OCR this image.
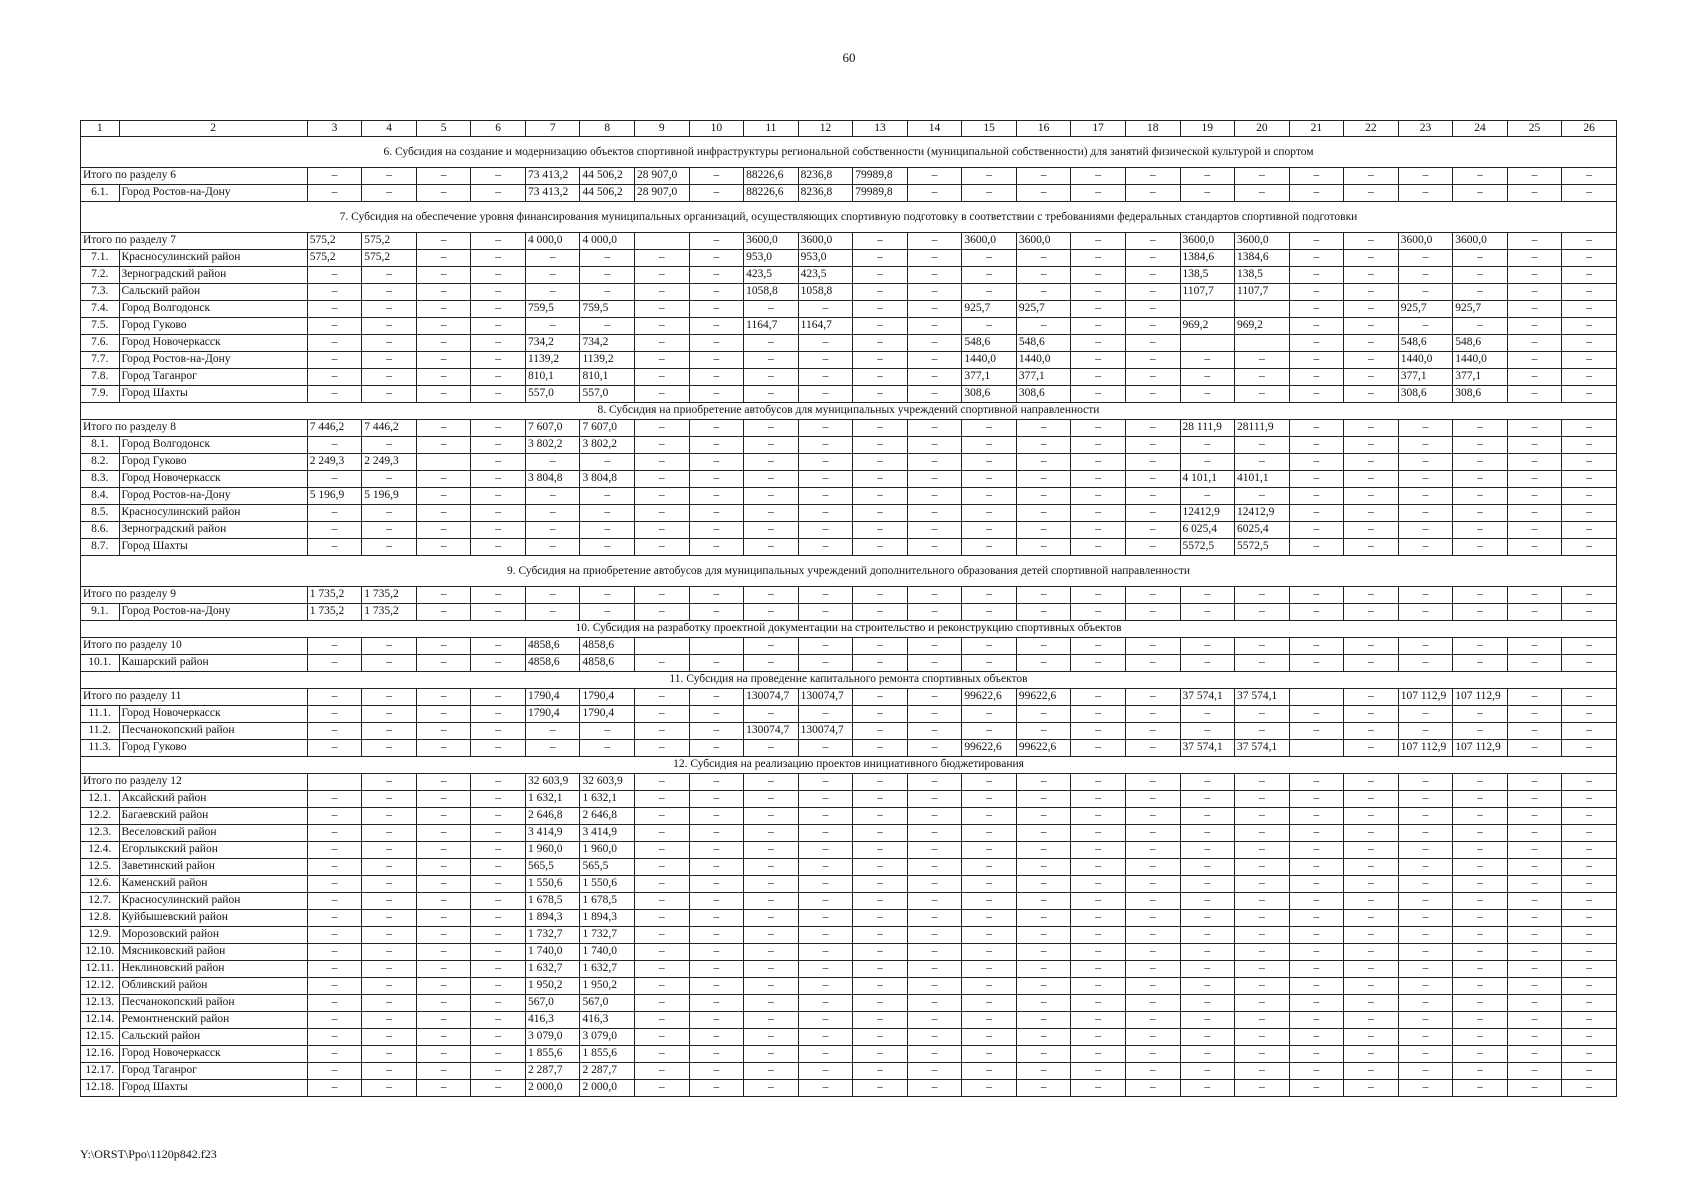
60
1	2	3	4	5	6	7	8	9	10	11	12	13	14	15	16	17	18	19	20	21	22	23	24	25	26
6. Субсидия на создание и модернизацию объектов спортивной инфраструктуры региональной собственности (муниципальной собственности) для занятий физической культурой и спортом																									
Итого по разделу 6		–	–	–	–	73 413,2	44 506,2	28 907,0	–	88226,6	8236,8	79989,8	–	–	–	–	–	–	–	–	–	–	–	–	–
6.1.	Город Ростов-на-Дону	–	–	–	–	73 413,2	44 506,2	28 907,0	–	88226,6	8236,8	79989,8	–	–	–	–	–	–	–	–	–	–	–	–	–
7. Субсидия на обеспечение уровня финансирования муниципальных организаций, осуществляющих спортивную подготовку в соответствии с требованиями федеральных стандартов спортивной подготовки																									
Итого по разделу 7		575,2	575,2	–	–	4 000,0	4 000,0		–	3600,0	3600,0	–	–	3600,0	3600,0	–	–	3600,0	3600,0	–	–	3600,0	3600,0	–	–
7.1.	Красносулинский район	575,2	575,2	–	–	–	–	–	–	953,0	953,0	–	–	–	–	–	–	1384,6	1384,6	–	–	–	–	–	–
7.2.	Зерноградский район	–	–	–	–	–	–	–	–	423,5	423,5	–	–	–	–	–	–	138,5	138,5	–	–	–	–	–	–
7.3.	Сальский район	–	–	–	–	–	–	–	–	1058,8	1058,8	–	–	–	–	–	–	1107,7	1107,7	–	–	–	–	–	–
7.4.	Город Волгодонск	–	–	–	–	759,5	759,5	–	–	–	–	–	–	925,7	925,7	–	–			–	–	925,7	925,7	–	–
7.5.	Город Гуково	–	–	–	–	–	–	–	–	1164,7	1164,7	–	–	–	–	–	–	969,2	969,2	–	–	–	–	–	–
7.6.	Город Новочеркасск	–	–	–	–	734,2	734,2	–	–	–	–	–	–	548,6	548,6	–	–			–	–	548,6	548,6	–	–
7.7.	Город Ростов-на-Дону	–	–	–	–	1139,2	1139,2	–	–	–	–	–	–	1440,0	1440,0	–	–	–	–	–	–	1440,0	1440,0	–	–
7.8.	Город Таганрог	–	–	–	–	810,1	810,1	–	–	–	–	–	–	377,1	377,1	–	–	–	–	–	–	377,1	377,1	–	–
7.9.	Город Шахты	–	–	–	–	557,0	557,0	–	–	–	–	–	–	308,6	308,6	–	–	–	–	–	–	308,6	308,6	–	–
8. Субсидия на приобретение автобусов для муниципальных учреждений спортивной направленности																									
Итого по разделу 8		7 446,2	7 446,2	–	–	7 607,0	7 607,0	–	–	–	–	–	–	–	–	–	–	28 111,9	28111,9	–	–	–	–	–	–
8.1.	Город Волгодонск	–	–	–	–	3 802,2	3 802,2	–	–	–	–	–	–	–	–	–	–	–	–	–	–	–	–	–	–
8.2.	Город Гуково	2 249,3	2 249,3		–	–	–	–	–	–	–	–	–	–	–	–	–	–	–	–	–	–	–	–	–
8.3.	Город Новочеркасск	–	–	–	–	3 804,8	3 804,8	–	–	–	–	–	–	–	–	–	–	4 101,1	4101,1	–	–	–	–	–	–
8.4.	Город Ростов-на-Дону	5 196,9	5 196,9	–	–	–	–	–	–	–	–	–	–	–	–	–	–	–	–	–	–	–	–	–	–
8.5.	Красносулинский район	–	–	–	–	–	–	–	–	–	–	–	–	–	–	–	–	12412,9	12412,9	–	–	–	–	–	–
8.6.	Зерноградский район	–	–	–	–	–	–	–	–	–	–	–	–	–	–	–	–	6 025,4	6025,4	–	–	–	–	–	–
8.7.	Город Шахты	–	–	–	–	–	–	–	–	–	–	–	–	–	–	–	–	5572,5	5572,5	–	–	–	–	–	–
9. Субсидия на приобретение автобусов для муниципальных учреждений дополнительного образования детей спортивной направленности																									
Итого по разделу 9		1 735,2	1 735,2	–	–	–	–	–	–	–	–	–	–	–	–	–	–	–	–	–	–	–	–	–	–
9.1.	Город Ростов-на-Дону	1 735,2	1 735,2	–	–	–	–	–	–	–	–	–	–	–	–	–	–	–	–	–	–	–	–	–	–
10. Субсидия на разработку проектной документации на строительство и реконструкцию спортивных объектов																									
Итого по разделу 10		–	–	–	–	4858,6	4858,6			–	–	–	–	–	–	–	–	–	–	–	–	–	–	–	–
10.1.	Кашарский район	–	–	–	–	4858,6	4858,6	–	–	–	–	–	–	–	–	–	–	–	–	–	–	–	–	–	–
11. Субсидия на проведение капитального ремонта спортивных объектов																									
Итого по разделу 11		–	–	–	–	1790,4	1790,4	–	–	130074,7	130074,7	–	–	99622,6	99622,6	–	–	37 574,1	37 574,1		–	107 112,9	107 112,9	–	–
11.1.	Город Новочеркасск	–	–	–	–	1790,4	1790,4	–	–	–	–	–	–	–	–	–	–	–	–	–	–	–	–	–	–
11.2.	Песчанокопский район	–	–	–	–	–	–	–	–	130074,7	130074,7	–	–	–	–	–	–	–	–	–	–	–	–	–	–
11.3.	Город Гуково	–	–	–	–	–	–	–	–	–	–	–	–	99622,6	99622,6	–	–	37 574,1	37 574,1		–	107 112,9	107 112,9	–	–
12. Субсидия на реализацию проектов инициативного бюджетирования																									
Итого по разделу 12			–	–	–	32 603,9	32 603,9	–	–	–	–	–	–	–	–	–	–	–	–	–	–	–	–	–	–
12.1.	Аксайский район	–	–	–	–	1 632,1	1 632,1	–	–	–	–	–	–	–	–	–	–	–	–	–	–	–	–	–	–
12.2.	Багаевский район	–	–	–	–	2 646,8	2 646,8	–	–	–	–	–	–	–	–	–	–	–	–	–	–	–	–	–	–
12.3.	Веселовский район	–	–	–	–	3 414,9	3 414,9	–	–	–	–	–	–	–	–	–	–	–	–	–	–	–	–	–	–
12.4.	Егорлыкский район	–	–	–	–	1 960,0	1 960,0	–	–	–	–	–	–	–	–	–	–	–	–	–	–	–	–	–	–
12.5.	Заветинский район	–	–	–	–	565,5	565,5	–	–	–	–	–	–	–	–	–	–	–	–	–	–	–	–	–	–
12.6.	Каменский район	–	–	–	–	1 550,6	1 550,6	–	–	–	–	–	–	–	–	–	–	–	–	–	–	–	–	–	–
12.7.	Красносулинский район	–	–	–	–	1 678,5	1 678,5	–	–	–	–	–	–	–	–	–	–	–	–	–	–	–	–	–	–
12.8.	Куйбышевский район	–	–	–	–	1 894,3	1 894,3	–	–	–	–	–	–	–	–	–	–	–	–	–	–	–	–	–	–
12.9.	Морозовский район	–	–	–	–	1 732,7	1 732,7	–	–	–	–	–	–	–	–	–	–	–	–	–	–	–	–	–	–
12.10.	Мясниковский район	–	–	–	–	1 740,0	1 740,0	–	–	–	–	–	–	–	–	–	–	–	–	–	–	–	–	–	–
12.11.	Неклиновский район	–	–	–	–	1 632,7	1 632,7	–	–	–	–	–	–	–	–	–	–	–	–	–	–	–	–	–	–
12.12.	Обливский район	–	–	–	–	1 950,2	1 950,2	–	–	–	–	–	–	–	–	–	–	–	–	–	–	–	–	–	–
12.13.	Песчанокопский район	–	–	–	–	567,0	567,0	–	–	–	–	–	–	–	–	–	–	–	–	–	–	–	–	–	–
12.14.	Ремонтненский район	–	–	–	–	416,3	416,3	–	–	–	–	–	–	–	–	–	–	–	–	–	–	–	–	–	–
12.15.	Сальский район	–	–	–	–	3 079,0	3 079,0	–	–	–	–	–	–	–	–	–	–	–	–	–	–	–	–	–	–
12.16.	Город Новочеркасск	–	–	–	–	1 855,6	1 855,6	–	–	–	–	–	–	–	–	–	–	–	–	–	–	–	–	–	–
12.17.	Город Таганрог	–	–	–	–	2 287,7	2 287,7	–	–	–	–	–	–	–	–	–	–	–	–	–	–	–	–	–	–
12.18.	Город Шахты	–	–	–	–	2 000,0	2 000,0	–	–	–	–	–	–	–	–	–	–	–	–	–	–	–	–	–	–
Y:\ORST\Ppo\1120p842.f23
